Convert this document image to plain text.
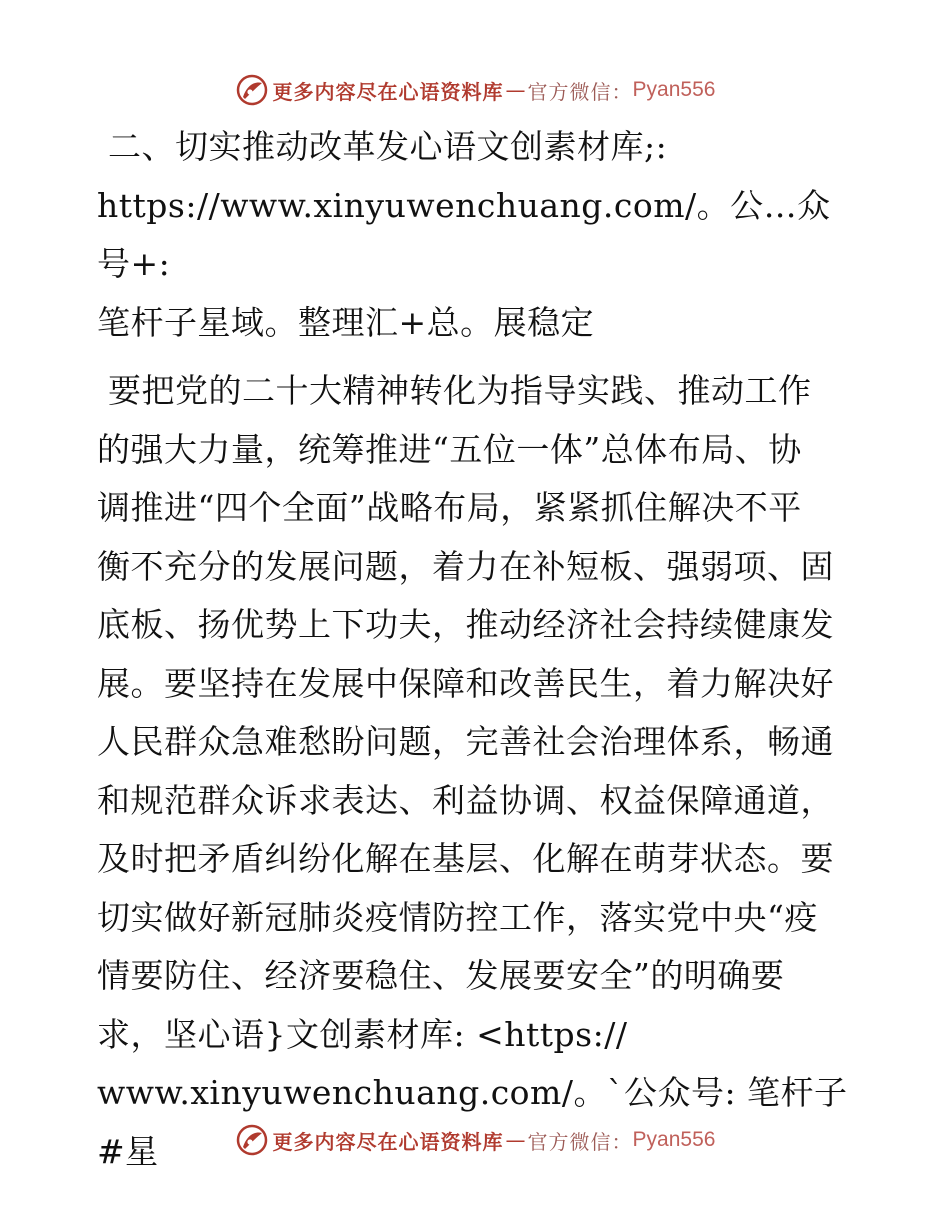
更多内容尽在心语资料库 — 官方微信： Pyan556

二、切实推动改革发心语文创素材库;:
https://www.xinyuwenchuang.com/。公…众号+:
笔杆子星域。整理汇+总。展稳定

要把党的二十大精神转化为指导实践、推动工作
的强大力量，统筹推进“五位一体”总体布局、协
调推进“四个全面”战略布局，紧紧抓住解决不平
衡不充分的发展问题，着力在补短板、强弱项、固
底板、扬优势上下功夫，推动经济社会持续健康发
展。要坚持在发展中保障和改善民生，着力解决好
人民群众急难愁盼问题，完善社会治理体系，畅通
和规范群众诉求表达、利益协调、权益保障通道，
及时把矛盾纠纷化解在基层、化解在萌芽状态。要
切实做好新冠肺炎疫情防控工作，落实党中央“疫
情要防住、经济要稳住、发展要安全”的明确要
求，坚心语}文创素材库: <https://
www.xinyuwenchuang.com/。`公众号: 笔杆子#星	更多内容尽在心语资料库 — 官方微信： Pyan556
